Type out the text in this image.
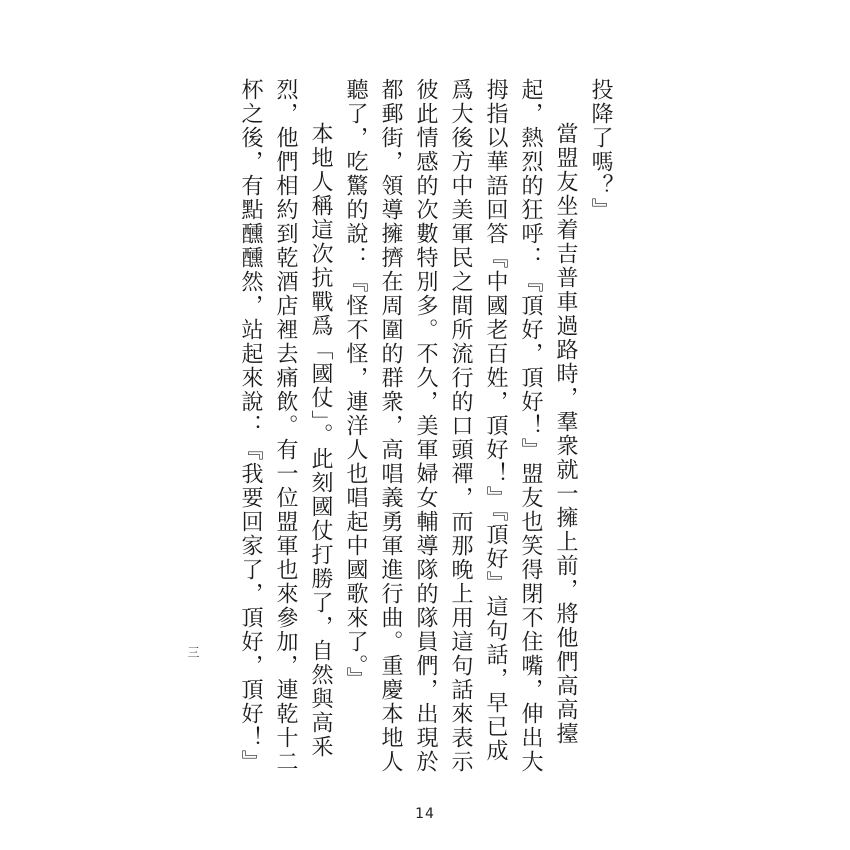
投降了嗎？』

當盟友坐着吉普車過路時，羣衆就一擁上前，將他們高高擡起，熱烈的狂呼：『頂好，頂好！』盟友也笑得閉不住嘴，伸出大拇指以華語回答『中國老百姓，頂好！』『頂好』這句話，早已成爲大後方中美軍民之間所流行的口頭禪，而那晚上用這句話來表示彼此情感的次數特別多。不久，美軍婦女輔導隊的隊員們，出現於都郵街，領導擁擠在周圍的群衆，高唱義勇軍進行曲。重慶本地人聽了，吃驚的說：『怪不怪，連洋人也唱起中國歌來了。』

本地人稱這次抗戰爲「國仗」。此刻國仗打勝了，自然與高釆烈，他們相約到乾酒店裡去痛飲。有一位盟軍也來參加，連乾十二杯之後，有點醺醺然，站起來說：『我要回家了，頂好，頂好！』

三
14
